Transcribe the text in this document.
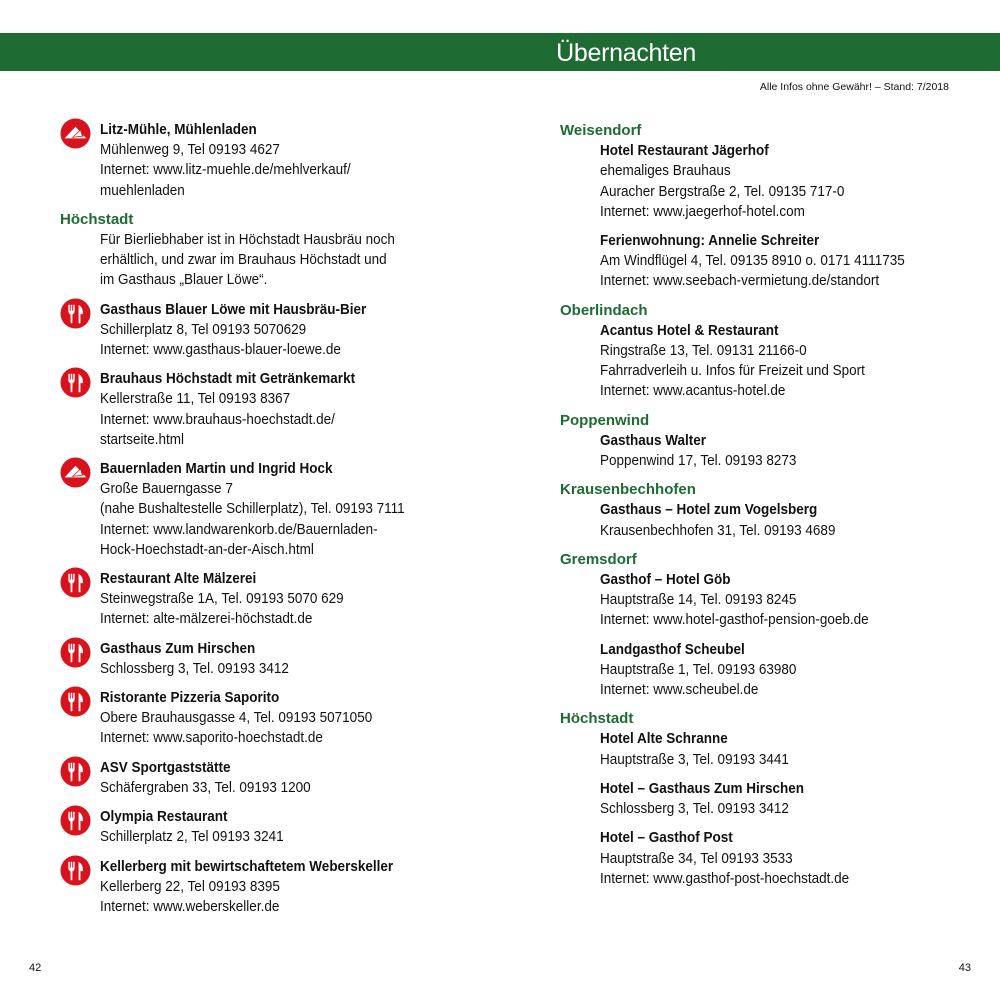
Übernachten
Alle Infos ohne Gewähr! – Stand: 7/2018
Litz-Mühle, Mühlenladen
Mühlenweg 9, Tel 09193 4627
Internet: www.litz-muehle.de/mehlverkauf/
muehlenladen
Höchstadt
Für Bierliebhaber ist in Höchstadt Hausbräu noch
erhältlich, und zwar im Brauhaus Höchstadt und
im Gasthaus „Blauer Löwe“.
Gasthaus Blauer Löwe mit Hausbräu-Bier
Schillerplatz 8, Tel 09193 5070629
Internet: www.gasthaus-blauer-loewe.de
Brauhaus Höchstadt mit Getränkemarkt
Kellerstraße 11, Tel 09193 8367
Internet: www.brauhaus-hoechstadt.de/
startseite.html
Bauernladen Martin und Ingrid Hock
Große Bauerngasse 7
(nahe Bushaltestelle Schillerplatz), Tel. 09193 7111
Internet: www.landwarenkorb.de/Bauernladen-
Hock-Hoechstadt-an-der-Aisch.html
Restaurant Alte Mälzerei
Steinwegstraße 1A, Tel. 09193 5070 629
Internet: alte-mälzerei-höchstadt.de
Gasthaus Zum Hirschen
Schlossberg 3, Tel. 09193 3412
Ristorante Pizzeria Saporito
Obere Brauhausgasse 4, Tel. 09193 5071050
Internet: www.saporito-hoechstadt.de
ASV Sportgaststätte
Schäfergraben 33, Tel. 09193 1200
Olympia Restaurant
Schillerplatz 2, Tel 09193 3241
Kellerberg mit bewirtschaftetem Weberskeller
Kellerberg 22, Tel 09193 8395
Internet: www.weberskeller.de
Weisendorf
Hotel Restaurant Jägerhof
ehemaliges Brauhaus
Auracher Bergstraße 2, Tel. 09135 717-0
Internet: www.jaegerhof-hotel.com
Ferienwohnung: Annelie Schreiter
Am Windflügel 4, Tel. 09135 8910 o. 0171 4111735
Internet: www.seebach-vermietung.de/standort
Oberlindach
Acantus Hotel & Restaurant
Ringstraße 13, Tel. 09131 21166-0
Fahrradverleih u. Infos für Freizeit und Sport
Internet: www.acantus-hotel.de
Poppenwind
Gasthaus Walter
Poppenwind 17, Tel. 09193 8273
Krausenbechhofen
Gasthaus – Hotel zum Vogelsberg
Krausenbechhofen 31, Tel. 09193 4689
Gremsdorf
Gasthof – Hotel Göb
Hauptstraße 14, Tel. 09193 8245
Internet: www.hotel-gasthof-pension-goeb.de
Landgasthof Scheubel
Hauptstraße 1, Tel. 09193 63980
Internet: www.scheubel.de
Höchstadt
Hotel Alte Schranne
Hauptstraße 3, Tel. 09193 3441
Hotel – Gasthaus Zum Hirschen
Schlossberg 3, Tel. 09193 3412
Hotel – Gasthof Post
Hauptstraße 34, Tel 09193 3533
Internet: www.gasthof-post-hoechstadt.de
42	43
